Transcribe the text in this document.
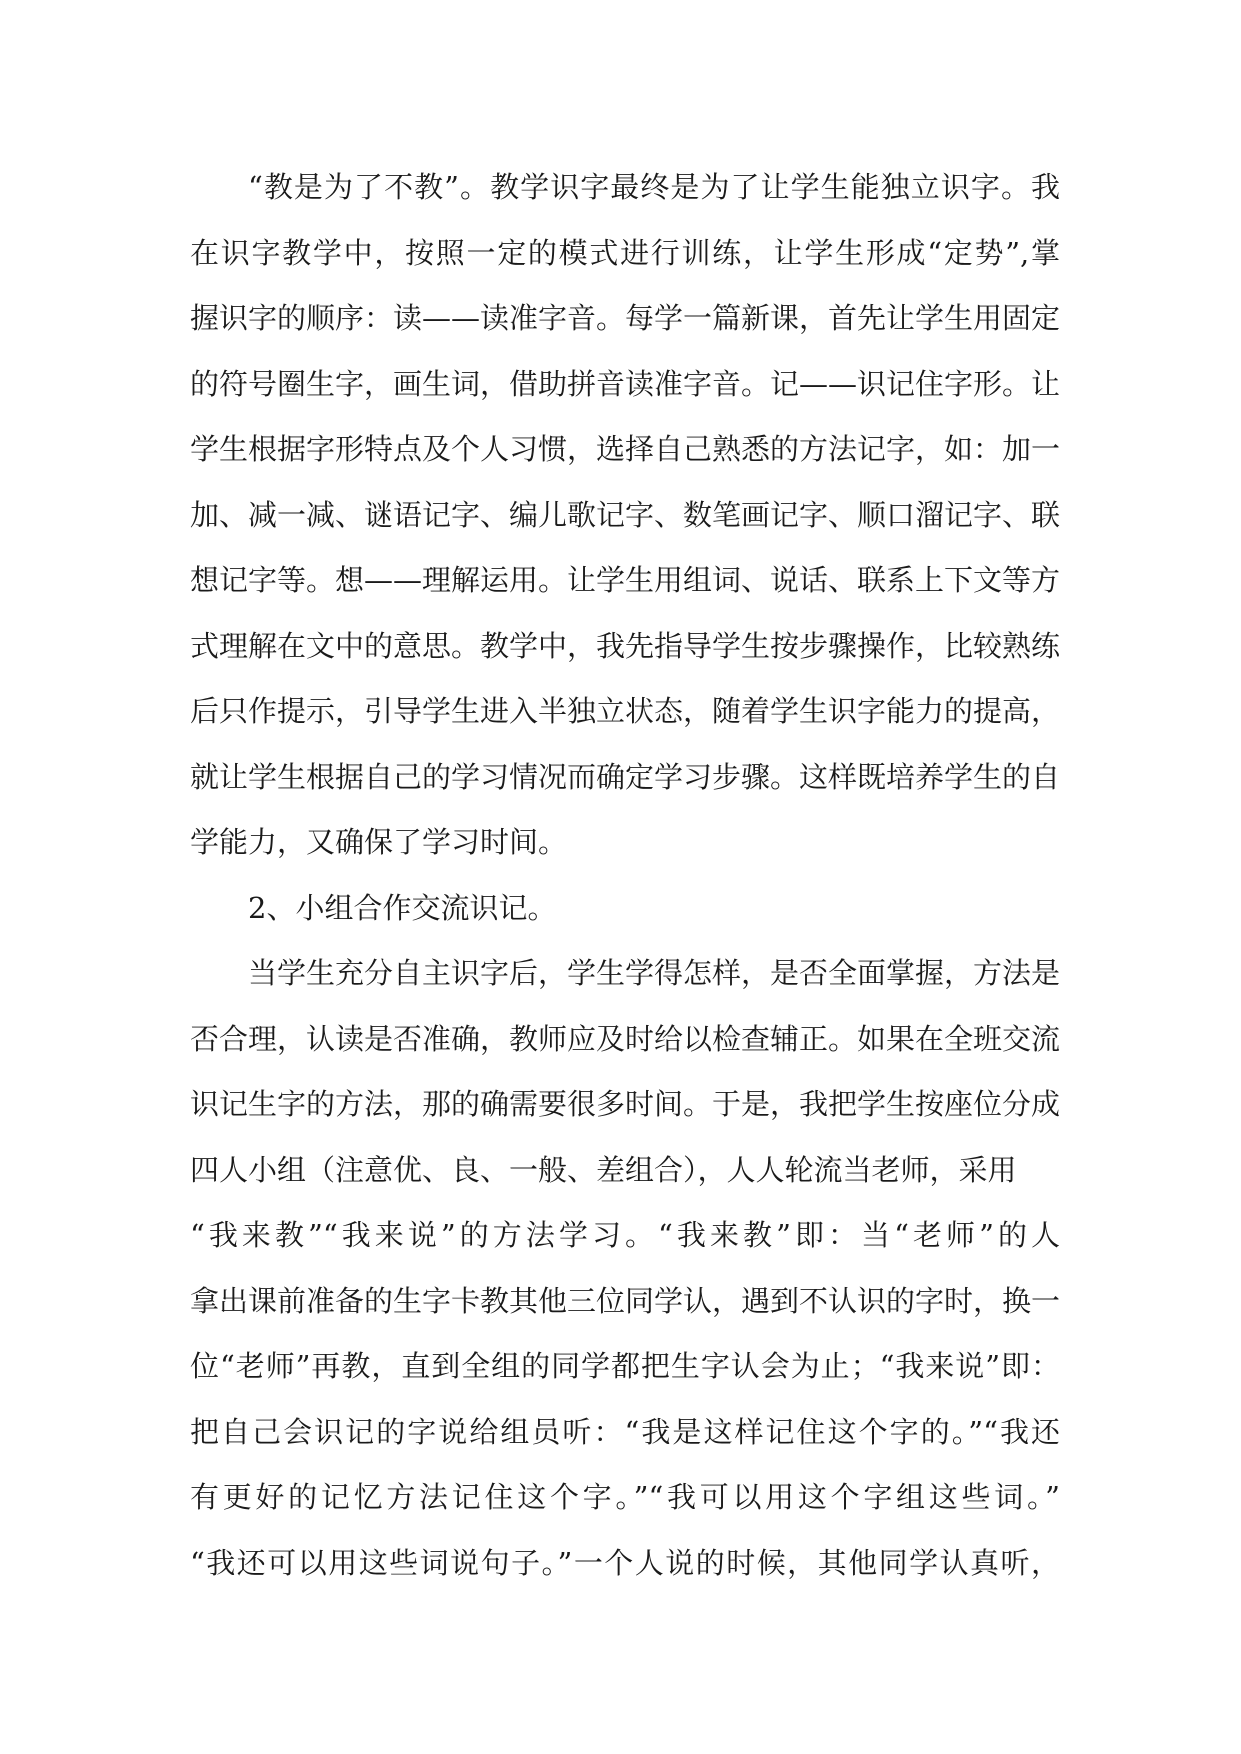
“教是为了不教”。教学识字最终是为了让学生能独立识字。我
在识字教学中，按照一定的模式进行训练，让学生形成“定势”,掌
握识字的顺序：读——读准字音。每学一篇新课，首先让学生用固定
的符号圈生字，画生词，借助拼音读准字音。记——识记住字形。让
学生根据字形特点及个人习惯，选择自己熟悉的方法记字，如：加一
加、减一减、谜语记字、编儿歌记字、数笔画记字、顺口溜记字、联
想记字等。想——理解运用。让学生用组词、说话、联系上下文等方
式理解在文中的意思。教学中，我先指导学生按步骤操作，比较熟练
后只作提示，引导学生进入半独立状态，随着学生识字能力的提高，
就让学生根据自己的学习情况而确定学习步骤。这样既培养学生的自
学能力，又确保了学习时间。
2、小组合作交流识记。
当学生充分自主识字后，学生学得怎样，是否全面掌握，方法是
否合理，认读是否准确，教师应及时给以检查辅正。如果在全班交流
识记生字的方法，那的确需要很多时间。于是，我把学生按座位分成
四人小组（注意优、良、一般、差组合），人人轮流当老师，采用
“我来教”“我来说”的方法学习。“我来教”即：当“老师”的人
拿出课前准备的生字卡教其他三位同学认，遇到不认识的字时，换一
位“老师”再教，直到全组的同学都把生字认会为止；“我来说”即：
把自己会识记的字说给组员听：“我是这样记住这个字的。”“我还
有更好的记忆方法记住这个字。”“我可以用这个字组这些词。”
“我还可以用这些词说句子。”一个人说的时候，其他同学认真听，
